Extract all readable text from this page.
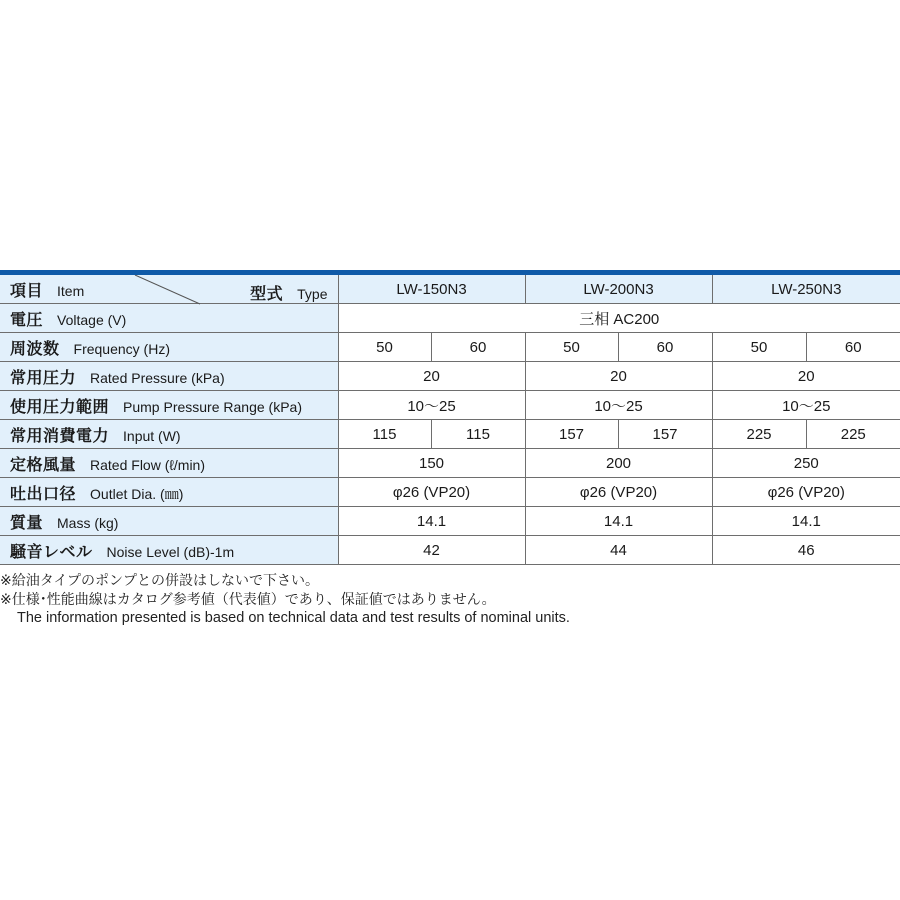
項目 Item 型式 Type	LW-150N3		LW-200N3		LW-250N3	
電圧 Voltage (V)	三相 AC200					
周波数 Frequency (Hz)	50	60	50	60	50	60
常用圧力 Rated Pressure (kPa)	20		20		20	
使用圧力範囲 Pump Pressure Range (kPa)	10〜25		10〜25		10〜25	
常用消費電力 Input (W)	115	115	157	157	225	225
定格風量 Rated Flow (ℓ/min)	150		200		250	
吐出口径 Outlet Dia. (㎜)	φ26 (VP20)		φ26 (VP20)		φ26 (VP20)	
質量 Mass (kg)	14.1		14.1		14.1	
騒音レベル Noise Level (dB)-1m	42		44		46	
※給油タイプのポンプとの併設はしないで下さい。
※仕様･性能曲線はカタログ参考値（代表値）であり、保証値ではありません。
The information presented is based on technical data and test results of nominal units.
